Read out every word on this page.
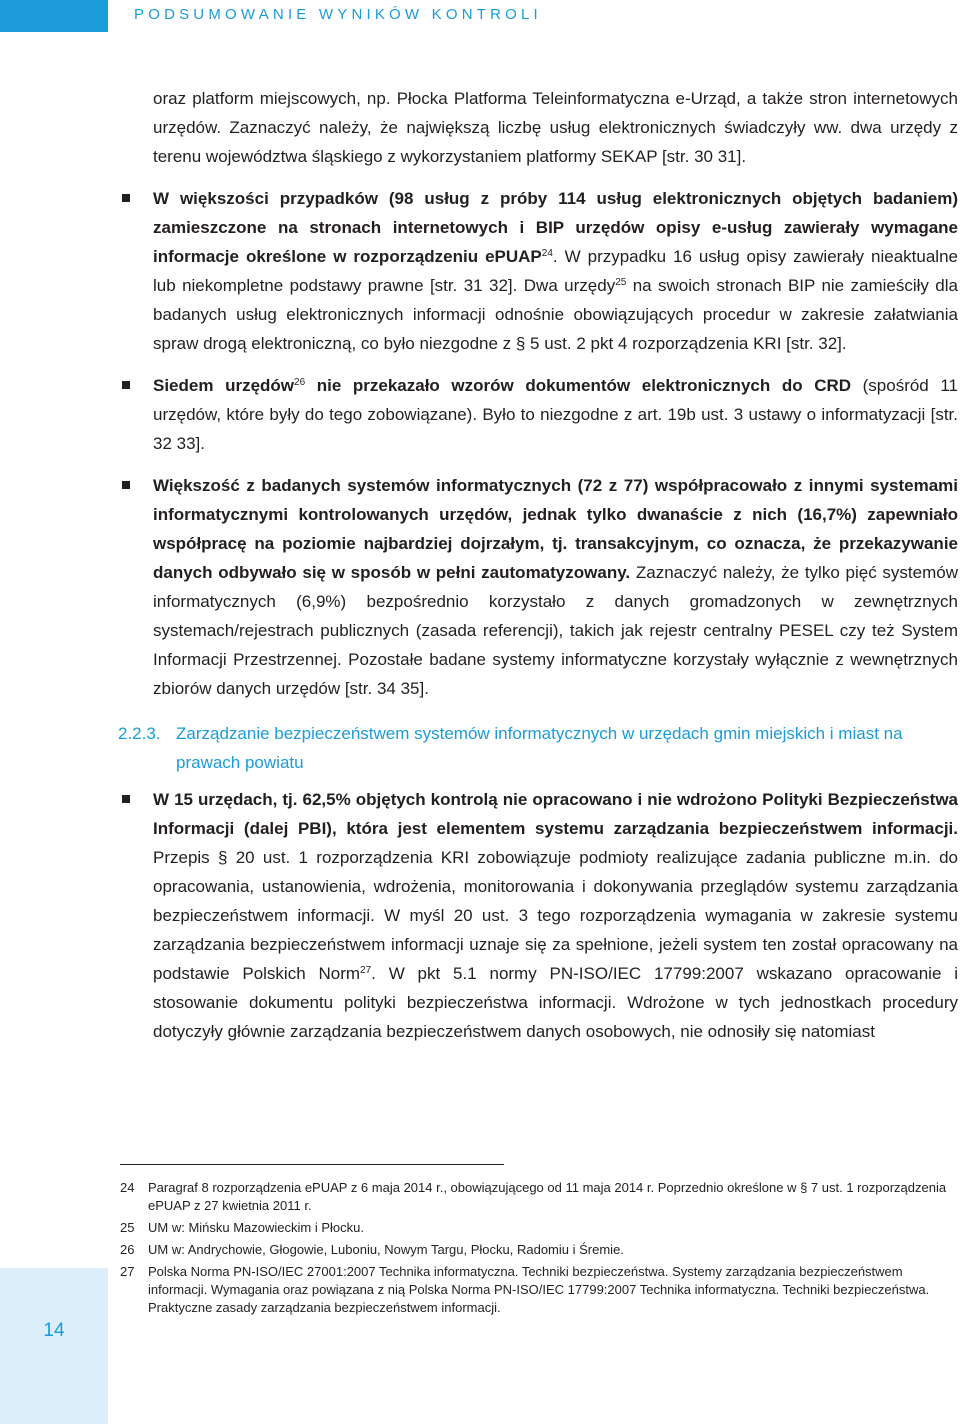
PODSUMOWANIE WYNIKÓW KONTROLI
oraz platform miejscowych, np. Płocka Platforma Teleinformatyczna e-Urząd, a także stron internetowych urzędów. Zaznaczyć należy, że największą liczbę usług elektronicznych świadczyły ww. dwa urzędy z terenu województwa śląskiego z wykorzystaniem platformy SEKAP [str. 30 31].
W większości przypadków (98 usług z próby 114 usług elektronicznych objętych badaniem) zamieszczone na stronach internetowych i BIP urzędów opisy e-usług zawierały wymagane informacje określone w rozporządzeniu ePUAP$^{24}$. W przypadku 16 usług opisy zawierały nieaktualne lub niekompletne podstawy prawne [str. 31 32]. Dwa urzędy$^{25}$ na swoich stronach BIP nie zamieściły dla badanych usług elektronicznych informacji odnośnie obowiązujących procedur w zakresie załatwiania spraw drogą elektroniczną, co było niezgodne z § 5 ust. 2 pkt 4 rozporządzenia KRI [str. 32].
Siedem urzędów$^{26}$ nie przekazało wzorów dokumentów elektronicznych do CRD (spośród 11 urzędów, które były do tego zobowiązane). Było to niezgodne z art. 19b ust. 3 ustawy o informatyzacji [str. 32 33].
Większość z badanych systemów informatycznych (72 z 77) współpracowało z innymi systemami informatycznymi kontrolowanych urzędów, jednak tylko dwanaście z nich (16,7%) zapewniało współpracę na poziomie najbardziej dojrzałym, tj. transakcyjnym, co oznacza, że przekazywanie danych odbywało się w sposób w pełni zautomatyzowany. Zaznaczyć należy, że tylko pięć systemów informatycznych (6,9%) bezpośrednio korzystało z danych gromadzonych w zewnętrznych systemach/rejestrach publicznych (zasada referencji), takich jak rejestr centralny PESEL czy też System Informacji Przestrzennej. Pozostałe badane systemy informatyczne korzystały wyłącznie z wewnętrznych zbiorów danych urzędów [str. 34 35].
2.2.3. Zarządzanie bezpieczeństwem systemów informatycznych w urzędach gmin miejskich i miast na prawach powiatu
W 15 urzędach, tj. 62,5% objętych kontrolą nie opracowano i nie wdrożono Polityki Bezpieczeństwa Informacji (dalej PBI), która jest elementem systemu zarządzania bezpieczeństwem informacji. Przepis § 20 ust. 1 rozporządzenia KRI zobowiązuje podmioty realizujące zadania publiczne m.in. do opracowania, ustanowienia, wdrożenia, monitorowania i dokonywania przeglądów systemu zarządzania bezpieczeństwem informacji. W myśl 20 ust. 3 tego rozporządzenia wymagania w zakresie systemu zarządzania bezpieczeństwem informacji uznaje się za spełnione, jeżeli system ten został opracowany na podstawie Polskich Norm$^{27}$. W pkt 5.1 normy PN-ISO/IEC 17799:2007 wskazano opracowanie i stosowanie dokumentu polityki bezpieczeństwa informacji. Wdrożone w tych jednostkach procedury dotyczyły głównie zarządzania bezpieczeństwem danych osobowych, nie odnosiły się natomiast
24 Paragraf 8 rozporządzenia ePUAP z 6 maja 2014 r., obowiązującego od 11 maja 2014 r. Poprzednio określone w § 7 ust. 1 rozporządzenia ePUAP z 27 kwietnia 2011 r.
25 UM w: Mińsku Mazowieckim i Płocku.
26 UM w: Andrychowie, Głogowie, Luboniu, Nowym Targu, Płocku, Radomiu i Śremie.
27 Polska Norma PN-ISO/IEC 27001:2007 Technika informatyczna. Techniki bezpieczeństwa. Systemy zarządzania bezpieczeństwem informacji. Wymagania oraz powiązana z nią Polska Norma PN-ISO/IEC 17799:2007 Technika informatyczna. Techniki bezpieczeństwa. Praktyczne zasady zarządzania bezpieczeństwem informacji.
14
